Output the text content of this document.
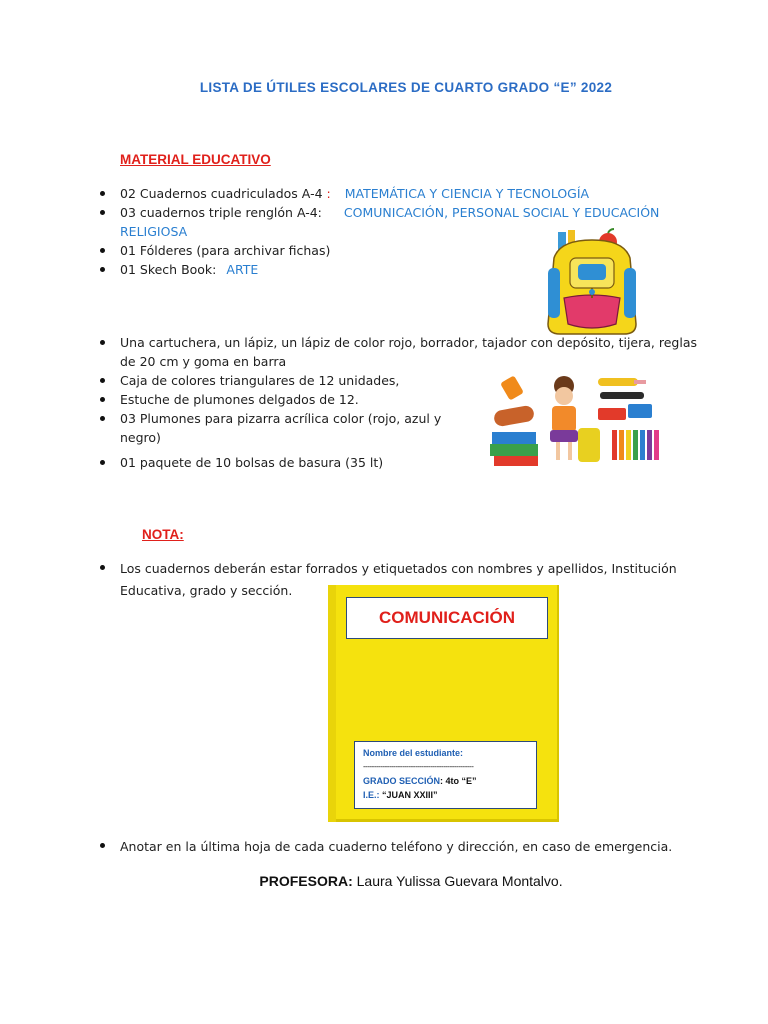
LISTA DE ÚTILES ESCOLARES DE CUARTO GRADO “E” 2022
MATERIAL EDUCATIVO
02 Cuadernos cuadriculados A-4 : MATEMÁTICA Y CIENCIA Y TECNOLOGÍA
03 cuadernos triple renglón A-4: COMUNICACIÓN, PERSONAL SOCIAL Y EDUCACIÓN RELIGIOSA
01 Fólderes (para archivar fichas)
01 Skech Book: ARTE
Una cartuchera, un lápiz, un lápiz de color rojo, borrador, tajador con depósito, tijera, reglas de 20 cm y goma en barra
Caja de colores triangulares de 12 unidades,
Estuche de plumones delgados de 12.
03 Plumones para pizarra acrílica color (rojo, azul y negro)
01 paquete de 10 bolsas de basura (35 lt)
NOTA:
Los cuadernos deberán estar forrados y etiquetados con nombres y apellidos, Institución Educativa, grado y sección.
COMUNICACIÓN
Nombre del estudiante:
---------------------------------------------------
GRADO SECCIÓN: 4to “E”
I.E.: “JUAN XXIII”
Anotar en la última hoja de cada cuaderno teléfono y dirección, en caso de emergencia.
PROFESORA: Laura Yulissa Guevara Montalvo.
